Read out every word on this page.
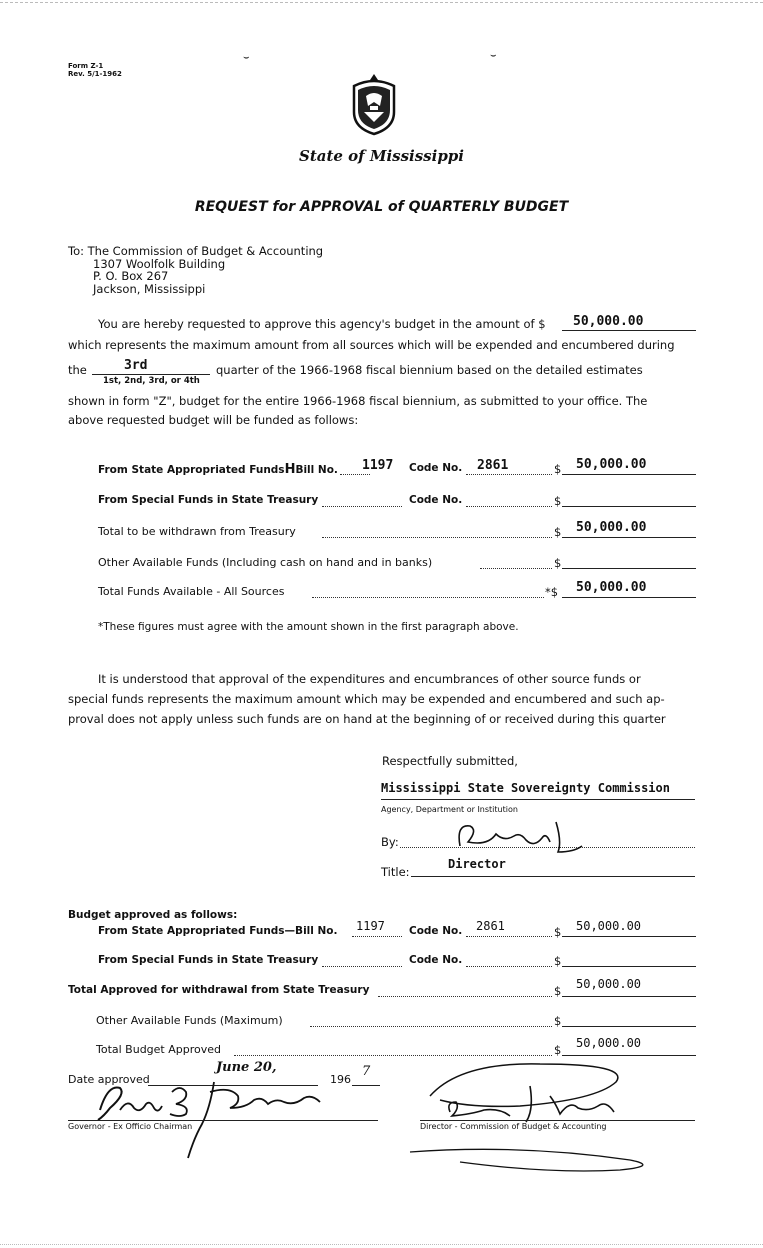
Form Z-1
Rev. 5/1-1962
⌣	⌣
State of Mississippi
REQUEST for APPROVAL of QUARTERLY BUDGET
To: The Commission of Budget & Accounting
1307 Woolfolk Building
P. O. Box 267
Jackson, Mississippi
You are hereby requested to approve this agency's budget in the amount of $ 50,000.00
which represents the maximum amount from all sources which will be expended and encumbered during
the	3rd
1st, 2nd, 3rd, or 4th
quarter of the 1966-1968 fiscal biennium based on the detailed estimates
shown in form "Z", budget for the entire 1966-1968 fiscal biennium, as submitted to your office. The
above requested budget will be funded as follows:
From State Appropriated FundsHBill No. 1197 Code No. 2861	$ 50,000.00
From Special Funds in State Treasury	Code No.	$
Total to be withdrawn from Treasury	$ 50,000.00
Other Available Funds (Including cash on hand and in banks)	$
Total Funds Available - All Sources	*$ 50,000.00
*These figures must agree with the amount shown in the first paragraph above.
It is understood that approval of the expenditures and encumbrances of other source funds or
special funds represents the maximum amount which may be expended and encumbered and such ap-
proval does not apply unless such funds are on hand at the beginning of or received during this quarter
Respectfully submitted,
Mississippi State Sovereignty Commission
Agency, Department or Institution
By:
Title:
Director
Budget approved as follows:
From State Appropriated Funds—Bill No. 1197 Code No. 2861	$ 50,000.00
From Special Funds in State Treasury	Code No.	$
Total Approved for withdrawal from State Treasury	$ 50,000.00
Other Available Funds (Maximum)	$
Total Budget Approved	$ 50,000.00
Date approved
June 20,
196
7
Governor - Ex Officio Chairman	Director - Commission of Budget & Accounting
